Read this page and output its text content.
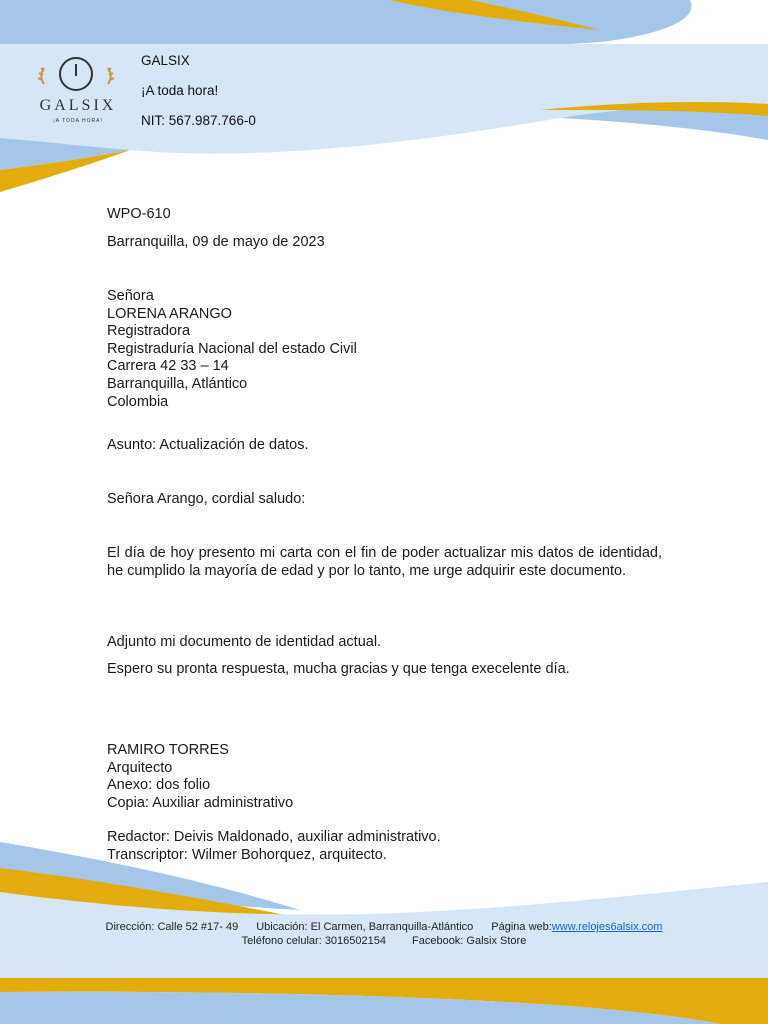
GALSIX
¡A TODA HORA!
GALSIX
¡A toda hora!
NIT: 567.987.766-0
WPO-610
Barranquilla, 09 de mayo de 2023
Señora
LORENA ARANGO
Registradora
Registraduría Nacional del estado Civil
Carrera 42 33 – 14
Barranquilla, Atlántico
Colombia
Asunto: Actualización de datos.
Señora Arango, cordial saludo:
El día de hoy presento mi carta con el fin de poder actualizar mis datos de identidad, he cumplido la mayoría de edad y por lo tanto, me urge adquirir este documento.
Adjunto mi documento de identidad actual.
Espero su pronta respuesta, mucha gracias y que tenga execelente día.
RAMIRO TORRES
Arquitecto
Anexo: dos folio
Copia: Auxiliar administrativo
Redactor: Deivis Maldonado, auxiliar administrativo.
Transcriptor: Wilmer Bohorquez, arquitecto.
Dirección: Calle 52 #17- 49 Ubicación: El Carmen, Barranquilla-Atlántico Página web:www.relojes6alsix.com
Teléfono celular: 3016502154 Facebook: Galsix Store
